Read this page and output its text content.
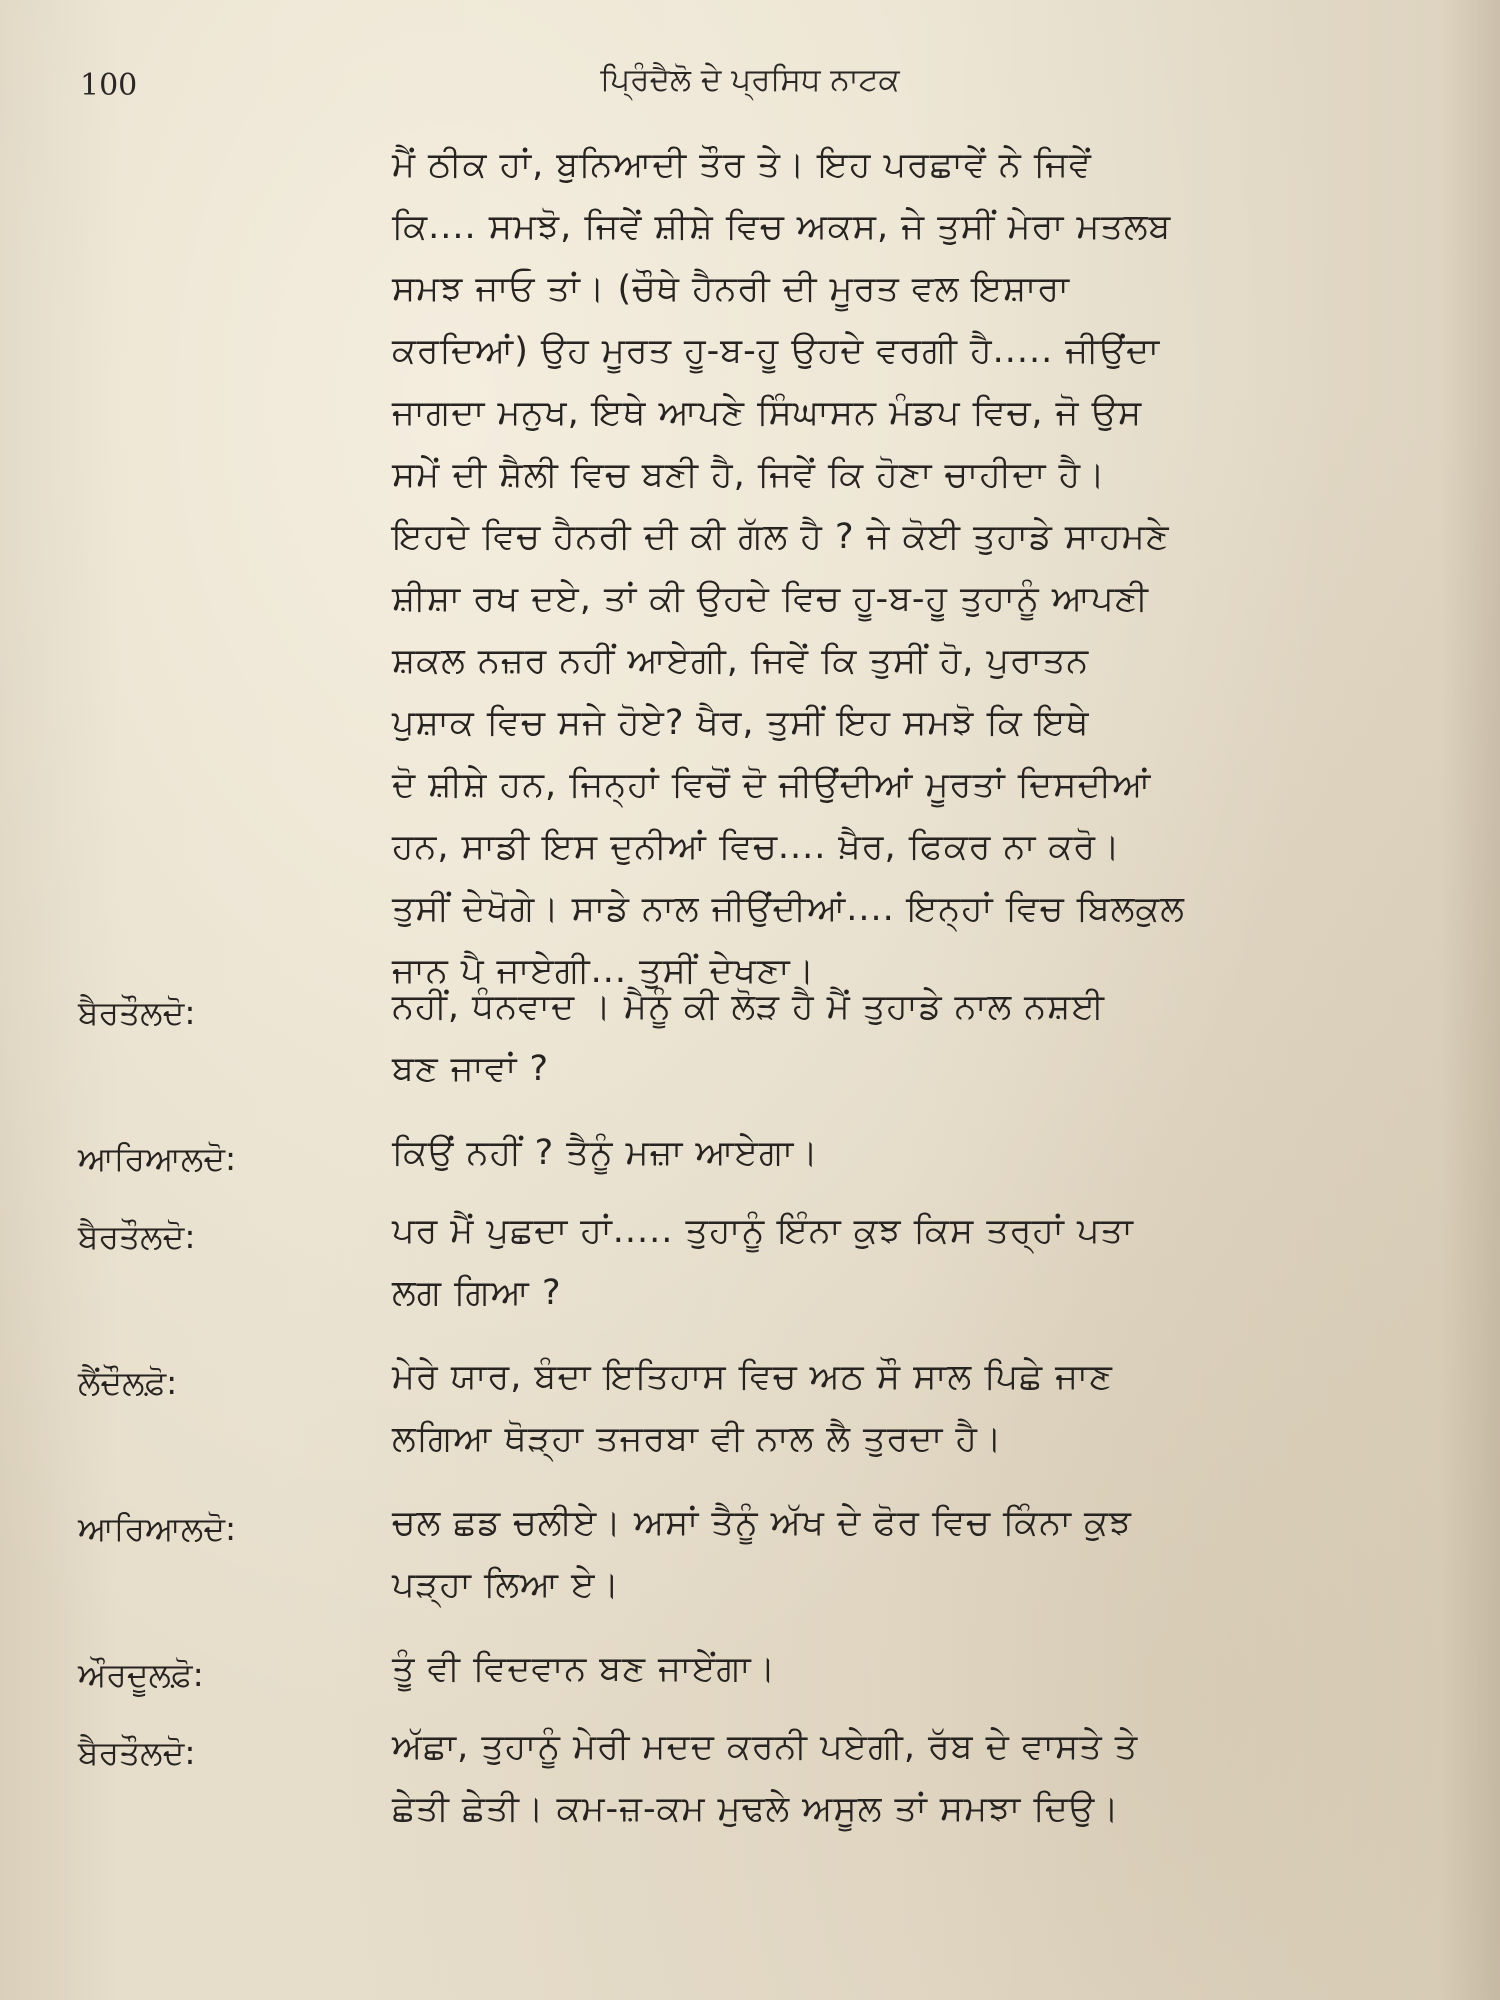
100	ਪਿ੍ਰੰਦੈਲੋ ਦੇ ਪ੍ਰਸਿਧ ਨਾਟਕ
ਮੈਂ ਠੀਕ ਹਾਂ, ਬੁਨਿਆਦੀ ਤੌਰ ਤੇ। ਇਹ ਪਰਛਾਵੇਂ ਨੇ ਜਿਵੇਂ
ਕਿ.... ਸਮਝੋ, ਜਿਵੇਂ ਸ਼ੀਸ਼ੇ ਵਿਚ ਅਕਸ, ਜੇ ਤੁਸੀਂ ਮੇਰਾ ਮਤਲਬ
ਸਮਝ ਜਾਓ ਤਾਂ। (ਚੌਥੇ ਹੈਨਰੀ ਦੀ ਮੂਰਤ ਵਲ ਇਸ਼ਾਰਾ
ਕਰਦਿਆਂ) ਉਹ ਮੂਰਤ ਹੂ-ਬ-ਹੂ ਉਹਦੇ ਵਰਗੀ ਹੈ..... ਜੀਉਂਦਾ
ਜਾਗਦਾ ਮਨੁਖ, ਇਥੇ ਆਪਣੇ ਸਿੰਘਾਸਨ ਮੰਡਪ ਵਿਚ, ਜੋ ਉਸ
ਸਮੇਂ ਦੀ ਸ਼ੈਲੀ ਵਿਚ ਬਣੀ ਹੈ, ਜਿਵੇਂ ਕਿ ਹੋਣਾ ਚਾਹੀਦਾ ਹੈ।
ਇਹਦੇ ਵਿਚ ਹੈਨਰੀ ਦੀ ਕੀ ਗੱਲ ਹੈ ? ਜੇ ਕੋਈ ਤੁਹਾਡੇ ਸਾਹਮਣੇ
ਸ਼ੀਸ਼ਾ ਰਖ ਦਏ, ਤਾਂ ਕੀ ਉਹਦੇ ਵਿਚ ਹੂ-ਬ-ਹੂ ਤੁਹਾਨੂੰ ਆਪਣੀ
ਸ਼ਕਲ ਨਜ਼ਰ ਨਹੀਂ ਆਏਗੀ, ਜਿਵੇਂ ਕਿ ਤੁਸੀਂ ਹੋ, ਪੁਰਾਤਨ
ਪੁਸ਼ਾਕ ਵਿਚ ਸਜੇ ਹੋਏ? ਖੈਰ, ਤੁਸੀਂ ਇਹ ਸਮਝੋ ਕਿ ਇਥੇ
ਦੋ ਸ਼ੀਸ਼ੇ ਹਨ, ਜਿਨ੍ਹਾਂ ਵਿਚੋਂ ਦੋ ਜੀਉਂਦੀਆਂ ਮੂਰਤਾਂ ਦਿਸਦੀਆਂ
ਹਨ, ਸਾਡੀ ਇਸ ਦੁਨੀਆਂ ਵਿਚ.... ਖ਼ੈਰ, ਫਿਕਰ ਨਾ ਕਰੋ।
ਤੁਸੀਂ ਦੇਖੋਗੇ। ਸਾਡੇ ਨਾਲ ਜੀਉਂਦੀਆਂ.... ਇਨ੍ਹਾਂ ਵਿਚ ਬਿਲਕੁਲ
ਜਾਨ ਪੈ ਜਾਏਗੀ... ਤੁਸੀਂ ਦੇਖਣਾ।
ਬੈਰਤੌਲਦੋ:	ਨਹੀਂ, ਧੰਨਵਾਦ । ਮੈਨੂੰ ਕੀ ਲੋੜ ਹੈ ਮੈਂ ਤੁਹਾਡੇ ਨਾਲ ਨਸ਼ਈ
ਬਣ ਜਾਵਾਂ ?
ਆਰਿਆਲਦੋ:	ਕਿਉਂ ਨਹੀਂ ? ਤੈਨੂੰ ਮਜ਼ਾ ਆਏਗਾ।
ਬੈਰਤੌਲਦੋ:	ਪਰ ਮੈਂ ਪੁਛਦਾ ਹਾਂ..... ਤੁਹਾਨੂੰ ਇੰਨਾ ਕੁਝ ਕਿਸ ਤਰ੍ਹਾਂ ਪਤਾ
ਲਗ ਗਿਆ ?
ਲੈਂਦੌਲਫ਼ੋ:	ਮੇਰੇ ਯਾਰ, ਬੰਦਾ ਇਤਿਹਾਸ ਵਿਚ ਅਠ ਸੌ ਸਾਲ ਪਿਛੇ ਜਾਣ
ਲਗਿਆ ਥੋੜ੍ਹਾ ਤਜਰਬਾ ਵੀ ਨਾਲ ਲੈ ਤੁਰਦਾ ਹੈ।
ਆਰਿਆਲਦੋ:	ਚਲ ਛਡ ਚਲੀਏ। ਅਸਾਂ ਤੈਨੂੰ ਅੱਖ ਦੇ ਫੋਰ ਵਿਚ ਕਿੰਨਾ ਕੁਝ
ਪੜ੍ਹਾ ਲਿਆ ਏ।
ਔਰਦੂਲਫ਼ੋ:	ਤੂੰ ਵੀ ਵਿਦਵਾਨ ਬਣ ਜਾਏਂਗਾ।
ਬੈਰਤੌਲਦੋ:	ਅੱਛਾ, ਤੁਹਾਨੂੰ ਮੇਰੀ ਮਦਦ ਕਰਨੀ ਪਏਗੀ, ਰੱਬ ਦੇ ਵਾਸਤੇ ਤੇ
ਛੇਤੀ ਛੇਤੀ। ਕਮ-ਜ਼-ਕਮ ਮੁਢਲੇ ਅਸੂਲ ਤਾਂ ਸਮਝਾ ਦਿਉ।
